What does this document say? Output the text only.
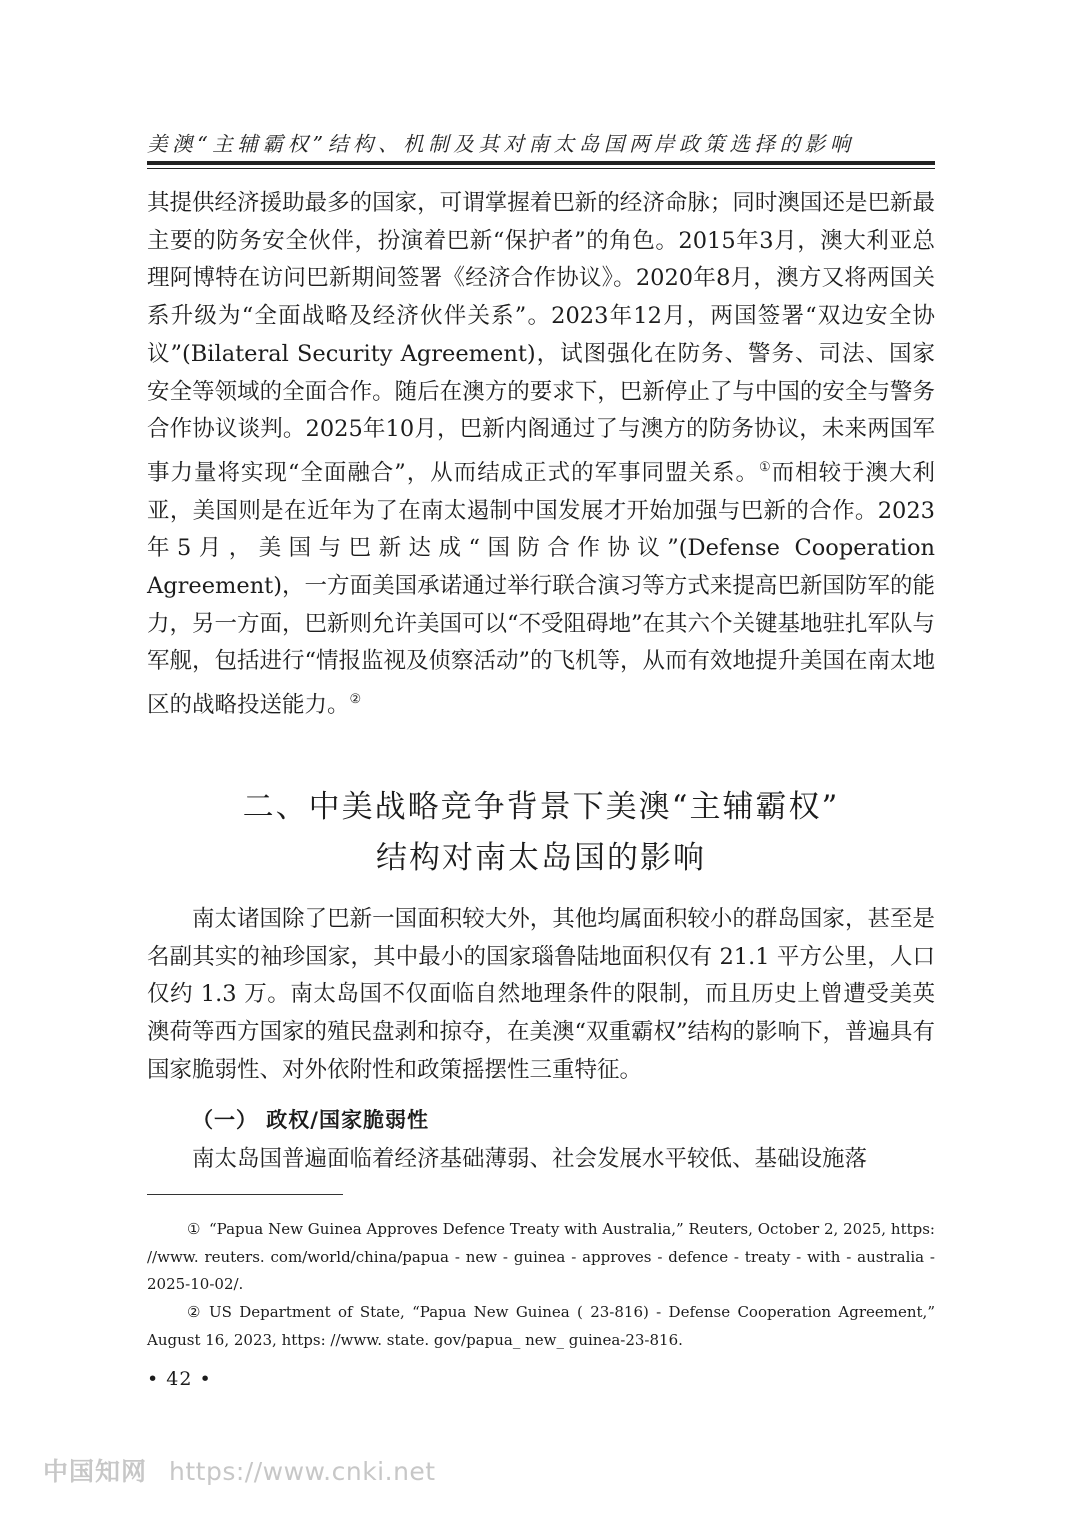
美澳“主辅霸权”结构、机制及其对南太岛国两岸政策选择的影响

其提供经济援助最多的国家，可谓掌握着巴新的经济命脉；同时澳国还是巴新最主要的防务安全伙伴，扮演着巴新“保护者”的角色。2015年3月，澳大利亚总理阿博特在访问巴新期间签署《经济合作协议》。2020年8月，澳方又将两国关系升级为“全面战略及经济伙伴关系”。2023年12月，两国签署“双边安全协议”(Bilateral Security Agreement)，试图强化在防务、警务、司法、国家安全等领域的全面合作。随后在澳方的要求下，巴新停止了与中国的安全与警务合作协议谈判。2025年10月，巴新内阁通过了与澳方的防务协议，未来两国军事力量将实现“全面融合”，从而结成正式的军事同盟关系。①而相较于澳大利亚，美国则是在近年为了在南太遏制中国发展才开始加强与巴新的合作。2023年5月，美国与巴新达成“国防合作协议”(Defense Cooperation Agreement)，一方面美国承诺通过举行联合演习等方式来提高巴新国防军的能力，另一方面，巴新则允许美国可以“不受阻碍地”在其六个关键基地驻扎军队与军舰，包括进行“情报监视及侦察活动”的飞机等，从而有效地提升美国在南太地区的战略投送能力。②

二、中美战略竞争背景下美澳“主辅霸权”
结构对南太岛国的影响

南太诸国除了巴新一国面积较大外，其他均属面积较小的群岛国家，甚至是名副其实的袖珍国家，其中最小的国家瑙鲁陆地面积仅有 21.1 平方公里，人口仅约 1.3 万。南太岛国不仅面临自然地理条件的限制，而且历史上曾遭受美英澳荷等西方国家的殖民盘剥和掠夺，在美澳“双重霸权”结构的影响下，普遍具有国家脆弱性、对外依附性和政策摇摆性三重特征。

（一） 政权/国家脆弱性

南太岛国普遍面临着经济基础薄弱、社会发展水平较低、基础设施落

① “Papua New Guinea Approves Defence Treaty with Australia,” Reuters, October 2, 2025, https: //www. reuters. com/world/china/papua - new - guinea - approves - defence - treaty - with - australia - 2025-10-02/.

② US Department of State, “Papua New Guinea ( 23-816) - Defense Cooperation Agreement,” August 16, 2023, https: //www. state. gov/papua_ new_ guinea-23-816.

• 42 •
中国知网 https://www.cnki.net
